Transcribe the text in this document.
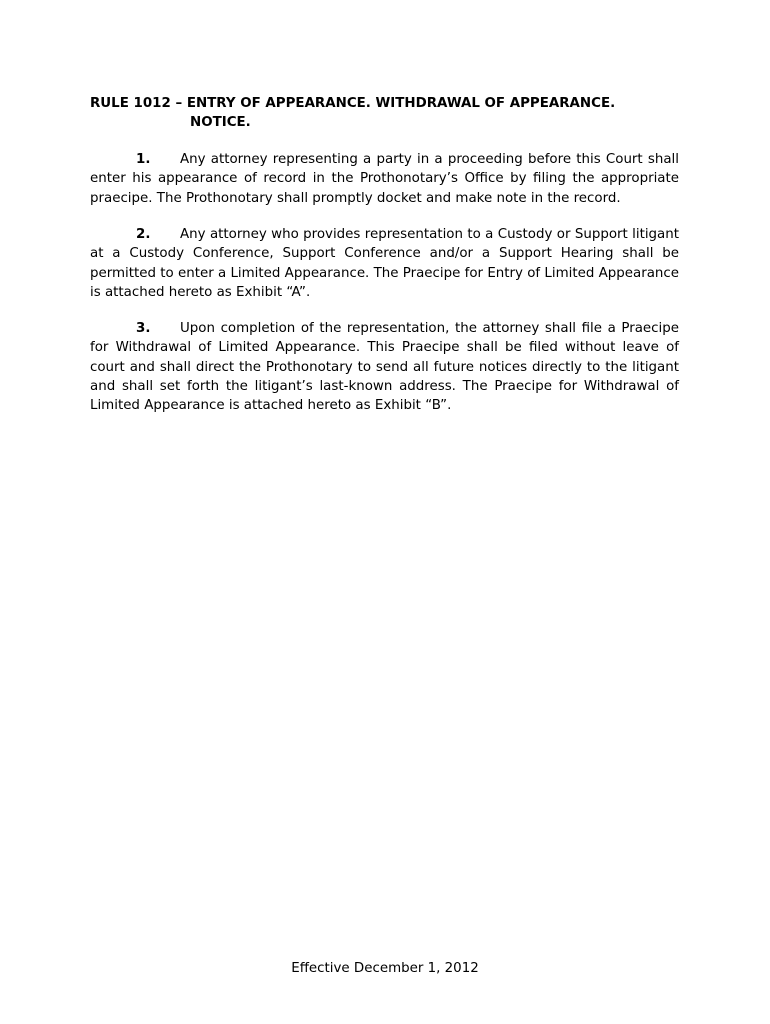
RULE 1012 – ENTRY OF APPEARANCE. WITHDRAWAL OF APPEARANCE.
NOTICE.

1. Any attorney representing a party in a proceeding before this Court shall enter his appearance of record in the Prothonotary’s Office by filing the appropriate praecipe. The Prothonotary shall promptly docket and make note in the record.

2. Any attorney who provides representation to a Custody or Support litigant at a Custody Conference, Support Conference and/or a Support Hearing shall be permitted to enter a Limited Appearance. The Praecipe for Entry of Limited Appearance is attached hereto as Exhibit “A”.

3. Upon completion of the representation, the attorney shall file a Praecipe for Withdrawal of Limited Appearance. This Praecipe shall be filed without leave of court and shall direct the Prothonotary to send all future notices directly to the litigant and shall set forth the litigant’s last-known address. The Praecipe for Withdrawal of Limited Appearance is attached hereto as Exhibit “B”.

Effective December 1, 2012
